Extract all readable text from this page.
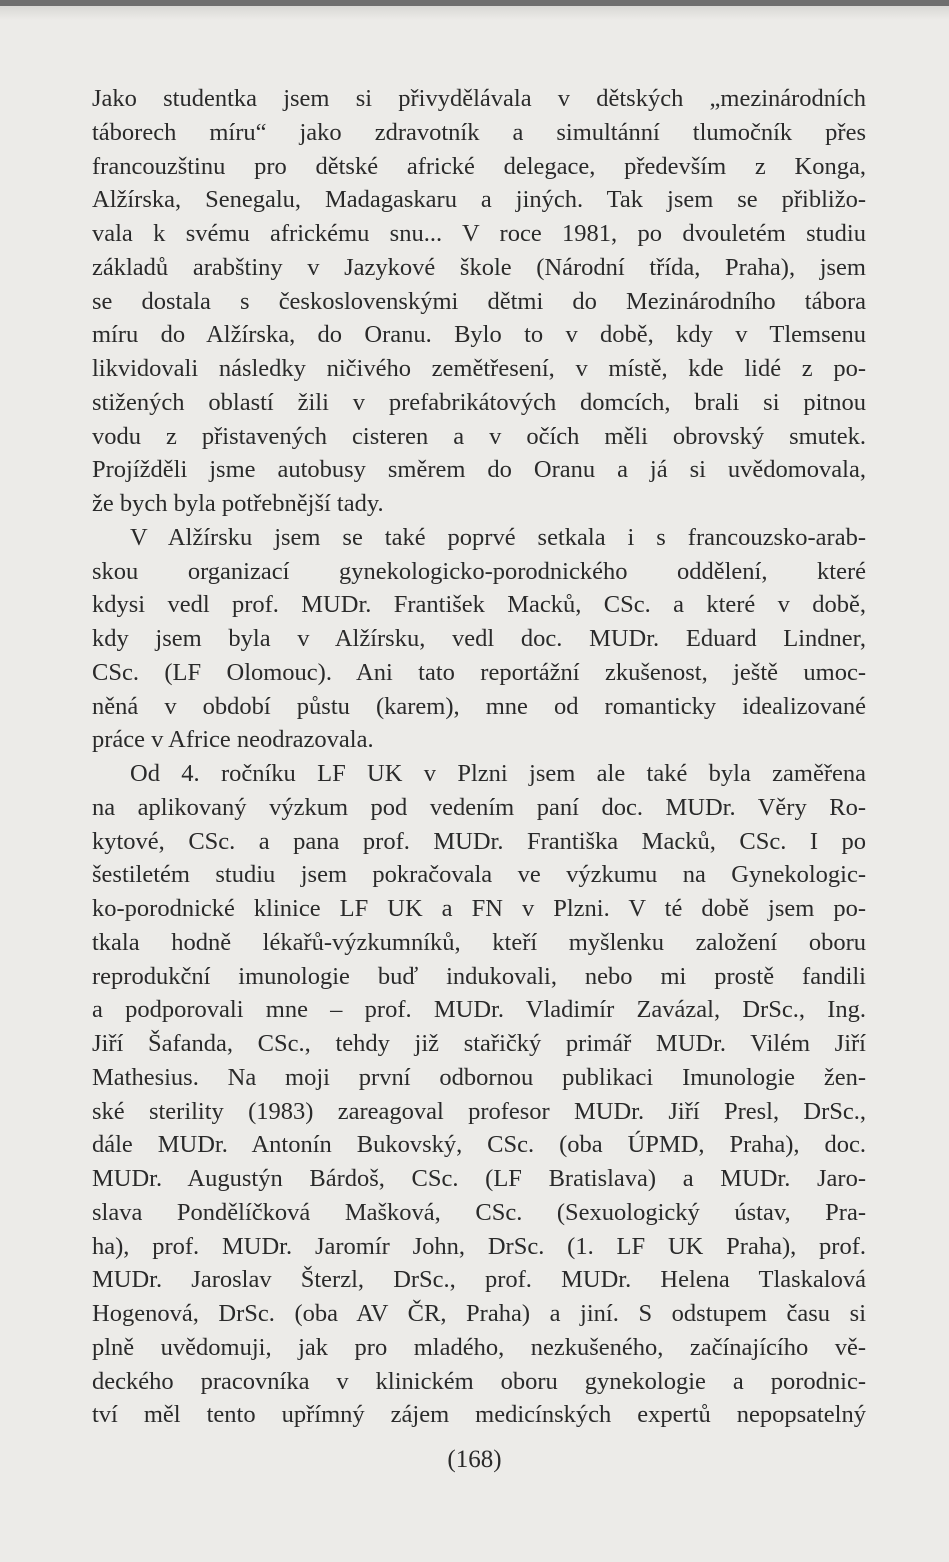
Jako studentka jsem si přivydělávala v dětských „mezinárodních
táborech míru“ jako zdravotník a simultánní tlumočník přes
francouzštinu pro dětské africké delegace, především z Konga,
Alžírska, Senegalu, Madagaskaru a jiných. Tak jsem se přibližo-
vala k svému africkému snu... V roce 1981, po dvouletém studiu
základů arabštiny v Jazykové škole (Národní třída, Praha), jsem
se dostala s československými dětmi do Mezinárodního tábora
míru do Alžírska, do Oranu. Bylo to v době, kdy v Tlemsenu
likvidovali následky ničivého zemětřesení, v místě, kde lidé z po-
stižených oblastí žili v prefabrikátových domcích, brali si pitnou
vodu z přistavených cisteren a v očích měli obrovský smutek.
Projížděli jsme autobusy směrem do Oranu a já si uvědomovala,
že bych byla potřebnější tady.
V Alžírsku jsem se také poprvé setkala i s francouzsko-arab-
skou organizací gynekologicko-porodnického oddělení, které
kdysi vedl prof. MUDr. František Macků, CSc. a které v době,
kdy jsem byla v Alžírsku, vedl doc. MUDr. Eduard Lindner,
CSc. (LF Olomouc). Ani tato reportážní zkušenost, ještě umoc-
něná v období půstu (karem), mne od romanticky idealizované
práce v Africe neodrazovala.
Od 4. ročníku LF UK v Plzni jsem ale také byla zaměřena
na aplikovaný výzkum pod vedením paní doc. MUDr. Věry Ro-
kytové, CSc. a pana prof. MUDr. Františka Macků, CSc. I po
šestiletém studiu jsem pokračovala ve výzkumu na Gynekologic-
ko-porodnické klinice LF UK a FN v Plzni. V té době jsem po-
tkala hodně lékařů-výzkumníků, kteří myšlenku založení oboru
reprodukční imunologie buď indukovali, nebo mi prostě fandili
a podporovali mne – prof. MUDr. Vladimír Zavázal, DrSc., Ing.
Jiří Šafanda, CSc., tehdy již stařičký primář MUDr. Vilém Jiří
Mathesius. Na moji první odbornou publikaci Imunologie žen-
ské sterility (1983) zareagoval profesor MUDr. Jiří Presl, DrSc.,
dále MUDr. Antonín Bukovský, CSc. (oba ÚPMD, Praha), doc.
MUDr. Augustýn Bárdoš, CSc. (LF Bratislava) a MUDr. Jaro-
slava Pondělíčková Mašková, CSc. (Sexuologický ústav, Pra-
ha), prof. MUDr. Jaromír John, DrSc. (1. LF UK Praha), prof.
MUDr. Jaroslav Šterzl, DrSc., prof. MUDr. Helena Tlaskalová
Hogenová, DrSc. (oba AV ČR, Praha) a jiní. S odstupem času si
plně uvědomuji, jak pro mladého, nezkušeného, začínajícího vě-
deckého pracovníka v klinickém oboru gynekologie a porodnic-
tví měl tento upřímný zájem medicínských expertů nepopsatelný
(168)
